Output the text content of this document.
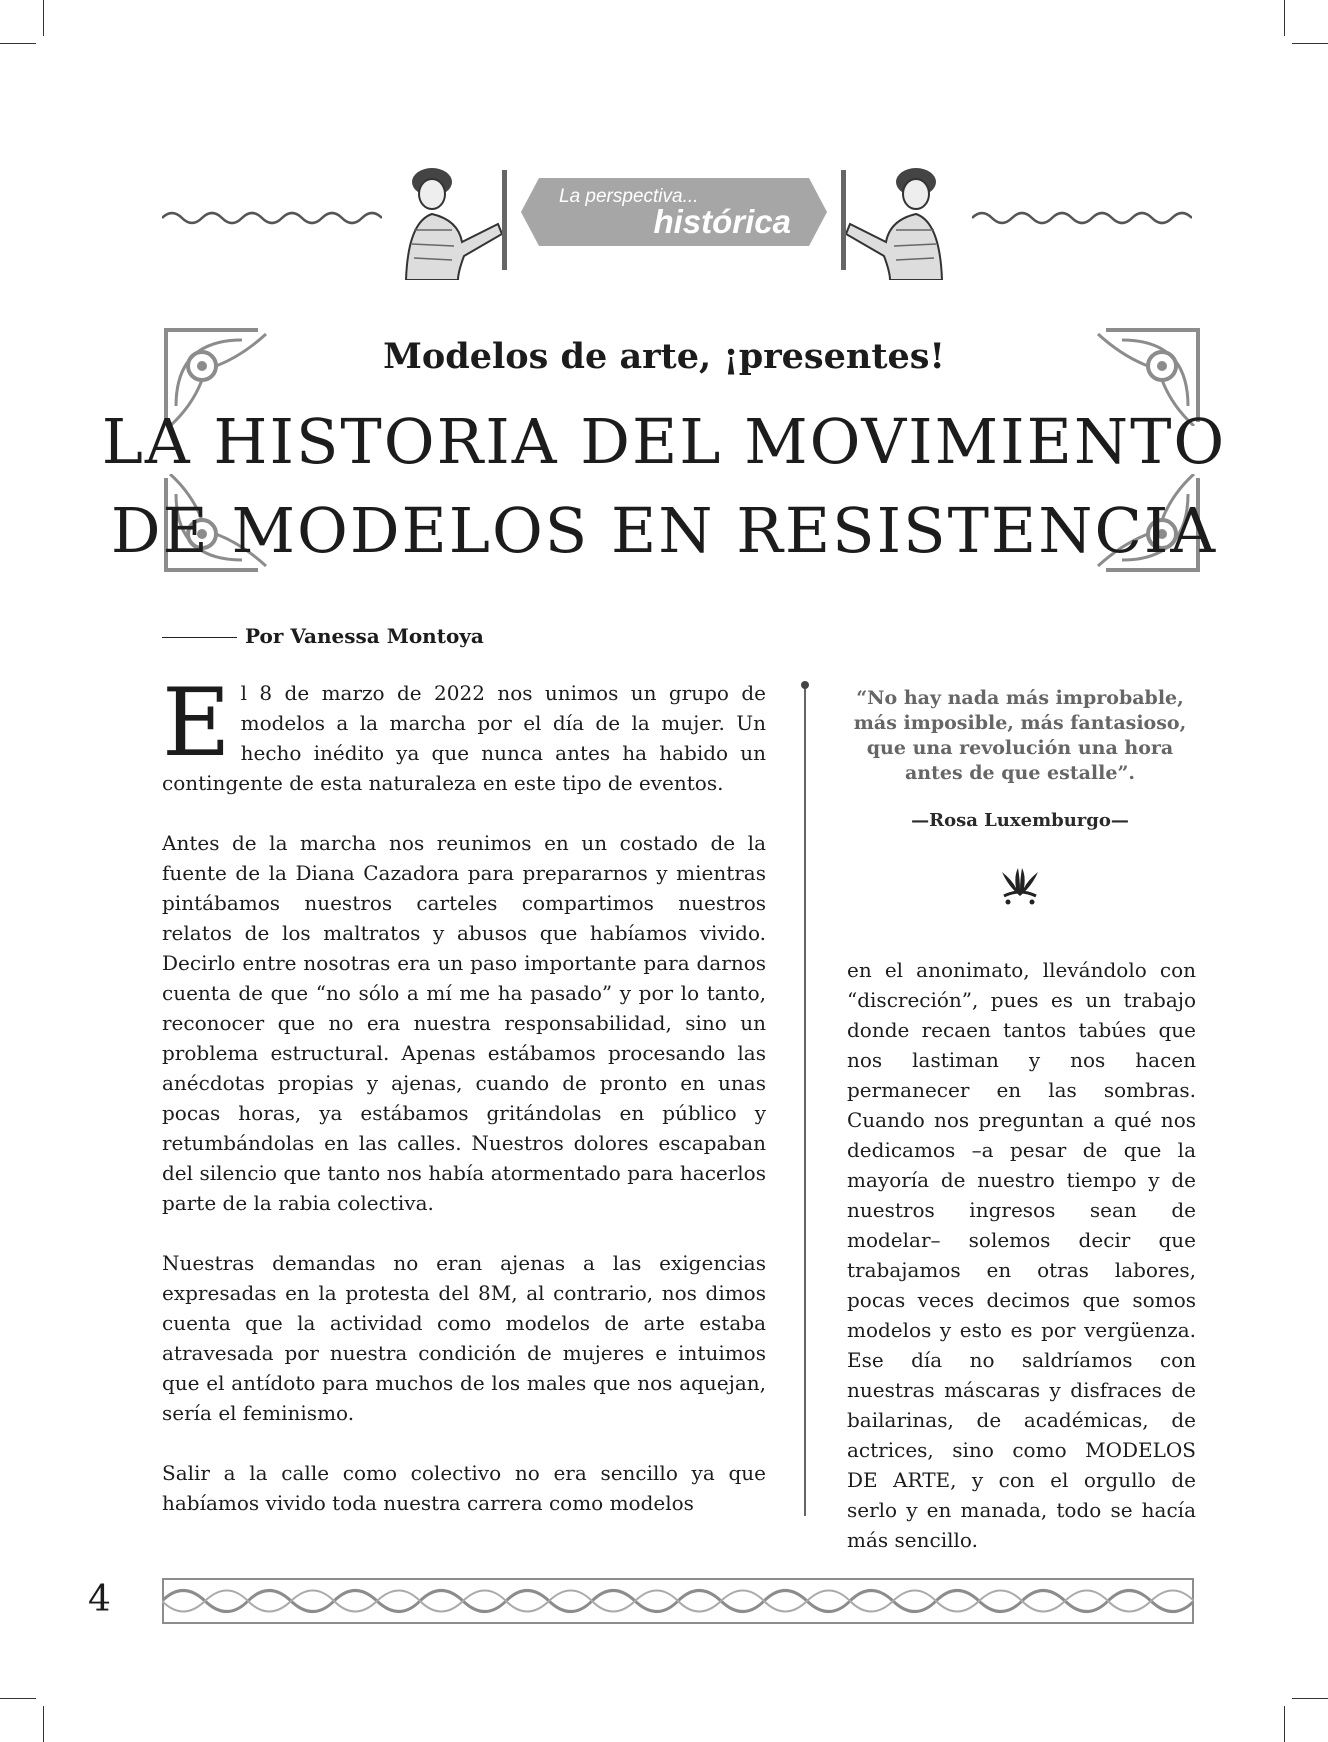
La perspectiva...
histórica
Modelos de arte, ¡presentes!
LA HISTORIA DEL MOVIMIENTO
DE MODELOS EN RESISTENCIA
Por Vanessa Montoya

El 8 de marzo de 2022 nos unimos un grupo de modelos a la marcha por el día de la mujer. Un hecho inédito ya que nunca antes ha habido un contingente de esta naturaleza en este tipo de eventos.

Antes de la marcha nos reunimos en un costado de la fuente de la Diana Cazadora para prepararnos y mientras pintábamos nuestros carteles compartimos nuestros relatos de los maltratos y abusos que habíamos vivido. Decirlo entre nosotras era un paso importante para darnos cuenta de que “no sólo a mí me ha pasado” y por lo tanto, reconocer que no era nuestra responsabilidad, sino un problema estructural. Apenas estábamos procesando las anécdotas propias y ajenas, cuando de pronto en unas pocas horas, ya estábamos gritándolas en público y retumbándolas en las calles. Nuestros dolores escapaban del silencio que tanto nos había atormentado para hacerlos parte de la rabia colectiva.

Nuestras demandas no eran ajenas a las exigencias expresadas en la protesta del 8M, al contrario, nos dimos cuenta que la actividad como modelos de arte estaba atravesada por nuestra condición de mujeres e intuimos que el antídoto para muchos de los males que nos aquejan, sería el feminismo.

Salir a la calle como colectivo no era sencillo ya que habíamos vivido toda nuestra carrera como modelos

“No hay nada más improbable, más imposible, más fantasioso, que una revolución una hora antes de que estalle”.
—Rosa Luxemburgo—

en el anonimato, llevándolo con “discreción”, pues es un trabajo donde recaen tantos tabúes que nos lastiman y nos hacen permanecer en las sombras. Cuando nos preguntan a qué nos dedicamos –a pesar de que la mayoría de nuestro tiempo y de nuestros ingresos sean de modelar– solemos decir que trabajamos en otras labores, pocas veces decimos que somos modelos y esto es por vergüenza. Ese día no saldríamos con nuestras máscaras y disfraces de bailarinas, de académicas, de actrices, sino como MODELOS DE ARTE, y con el orgullo de serlo y en manada, todo se hacía más sencillo.

4
